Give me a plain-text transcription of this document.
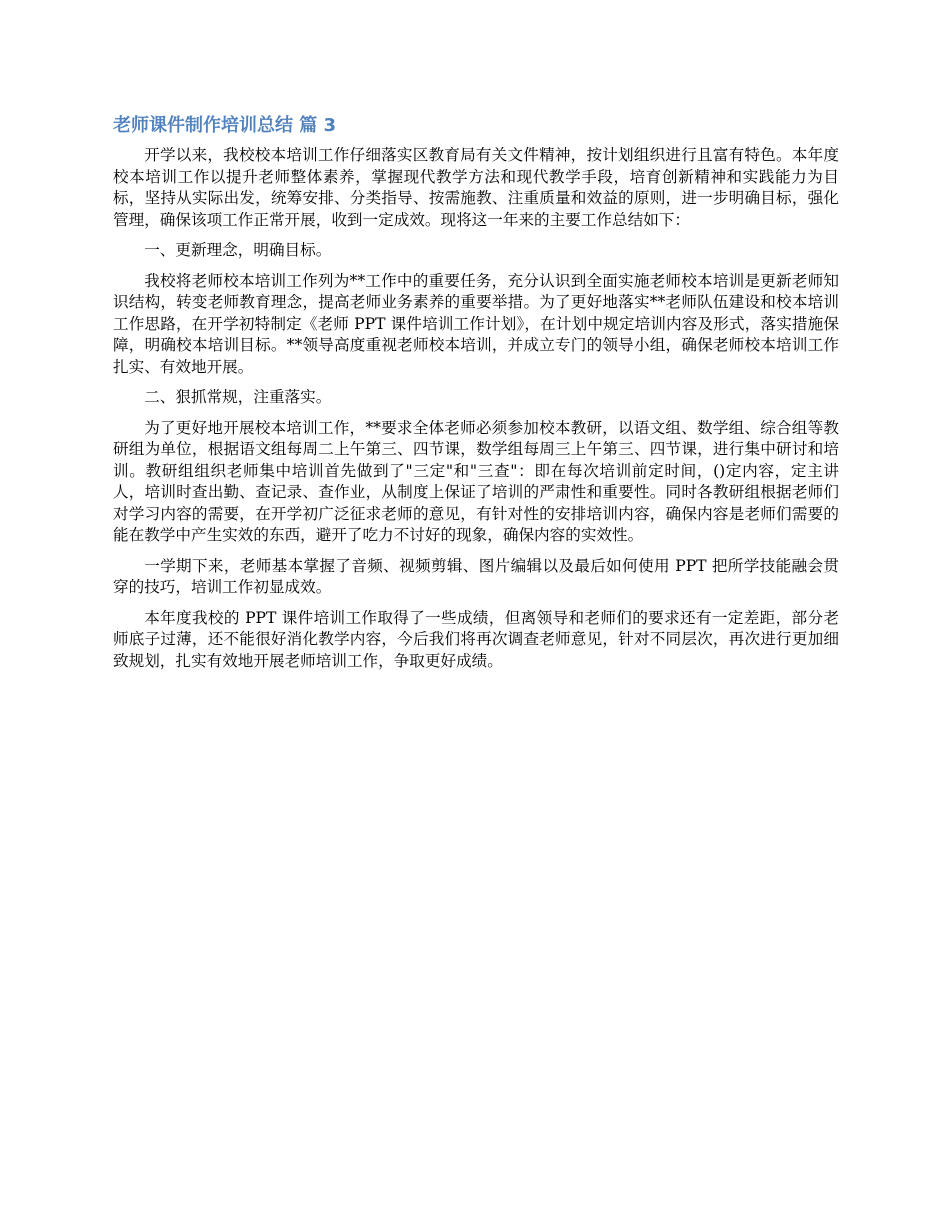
老师课件制作培训总结 篇 3

开学以来，我校校本培训工作仔细落实区教育局有关文件精神，按计划组织进行且富有特色。本年度校本培训工作以提升老师整体素养，掌握现代教学方法和现代教学手段，培育创新精神和实践能力为目标，坚持从实际出发，统筹安排、分类指导、按需施教、注重质量和效益的原则，进一步明确目标，强化管理，确保该项工作正常开展，收到一定成效。现将这一年来的主要工作总结如下：

一、更新理念，明确目标。

我校将老师校本培训工作列为**工作中的重要任务，充分认识到全面实施老师校本培训是更新老师知识结构，转变老师教育理念，提高老师业务素养的重要举措。为了更好地落实**老师队伍建设和校本培训工作思路，在开学初特制定《老师 PPT 课件培训工作计划》，在计划中规定培训内容及形式，落实措施保障，明确校本培训目标。**领导高度重视老师校本培训，并成立专门的领导小组，确保老师校本培训工作扎实、有效地开展。

二、狠抓常规，注重落实。

为了更好地开展校本培训工作，**要求全体老师必须参加校本教研，以语文组、数学组、综合组等教研组为单位，根据语文组每周二上午第三、四节课，数学组每周三上午第三、四节课，进行集中研讨和培训。教研组组织老师集中培训首先做到了"三定"和"三查"：即在每次培训前定时间，()定内容，定主讲人，培训时查出勤、查记录、查作业，从制度上保证了培训的严肃性和重要性。同时各教研组根据老师们对学习内容的需要，在开学初广泛征求老师的意见，有针对性的安排培训内容，确保内容是老师们需要的能在教学中产生实效的东西，避开了吃力不讨好的现象，确保内容的实效性。

一学期下来，老师基本掌握了音频、视频剪辑、图片编辑以及最后如何使用 PPT 把所学技能融会贯穿的技巧，培训工作初显成效。

本年度我校的 PPT 课件培训工作取得了一些成绩，但离领导和老师们的要求还有一定差距，部分老师底子过薄，还不能很好消化教学内容，今后我们将再次调查老师意见，针对不同层次，再次进行更加细致规划，扎实有效地开展老师培训工作，争取更好成绩。
